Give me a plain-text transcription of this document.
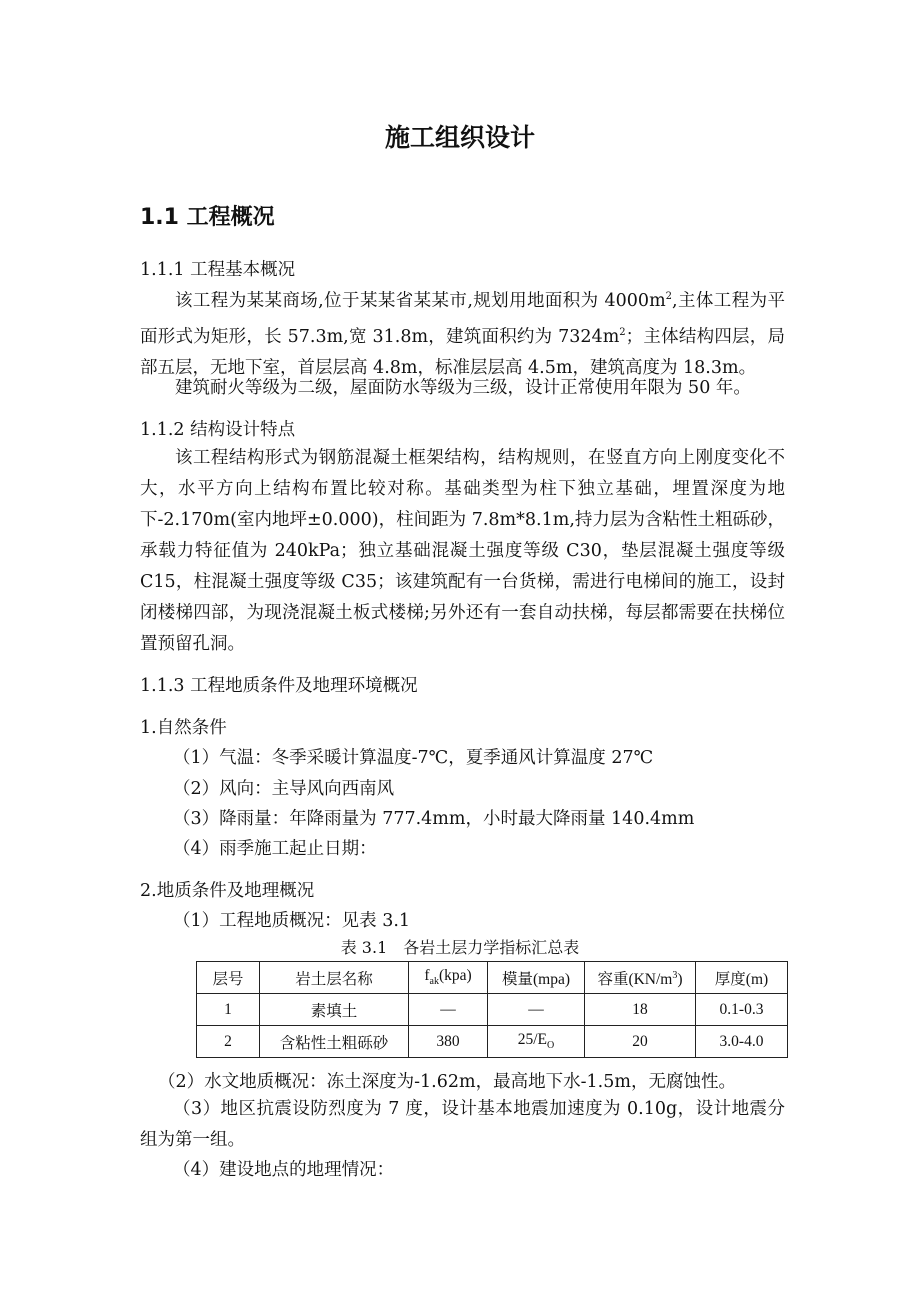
施工组织设计
1.1 工程概况
1.1.1 工程基本概况
该工程为某某商场,位于某某省某某市,规划用地面积为 $4000m^2$,主体工程为平面形式为矩形，长 57.3m,宽 31.8m，建筑面积约为 $7324m^2$；主体结构四层，局部五层，无地下室，首层层高 4.8m，标准层层高 4.5m，建筑高度为 18.3m。
建筑耐火等级为二级，屋面防水等级为三级，设计正常使用年限为 50 年。
1.1.2 结构设计特点
该工程结构形式为钢筋混凝土框架结构，结构规则，在竖直方向上刚度变化不大，水平方向上结构布置比较对称。基础类型为柱下独立基础，埋置深度为地下-2.170m(室内地坪±0.000)，柱间距为 7.8m*8.1m,持力层为含粘性土粗砾砂，承载力特征值为 240kPa；独立基础混凝土强度等级 C30，垫层混凝土强度等级 C15，柱混凝土强度等级 C35；该建筑配有一台货梯，需进行电梯间的施工，设封闭楼梯四部，为现浇混凝土板式楼梯;另外还有一套自动扶梯，每层都需要在扶梯位置预留孔洞。
1.1.3 工程地质条件及地理环境概况
1.自然条件
（1）气温：冬季采暖计算温度-7℃，夏季通风计算温度 27℃
（2）风向：主导风向西南风
（3）降雨量：年降雨量为 777.4mm，小时最大降雨量 140.4mm
（4）雨季施工起止日期：
2.地质条件及地理概况
（1）工程地质概况：见表 3.1
表 3.1　各岩土层力学指标汇总表
层号	岩土层名称	$f_{ak}(kpa)$	模量(mpa)	容重$(KN/m^3)$	厚度(m)
1	素填土	—	—	18	0.1-0.3
2	含粘性土粗砾砂	380	$25/E_O$	20	3.0-4.0
（2）水文地质概况：冻土深度为-1.62m，最高地下水-1.5m，无腐蚀性。
（3）地区抗震设防烈度为 7 度，设计基本地震加速度为 0.10g，设计地震分组为第一组。
（4）建设地点的地理情况：
